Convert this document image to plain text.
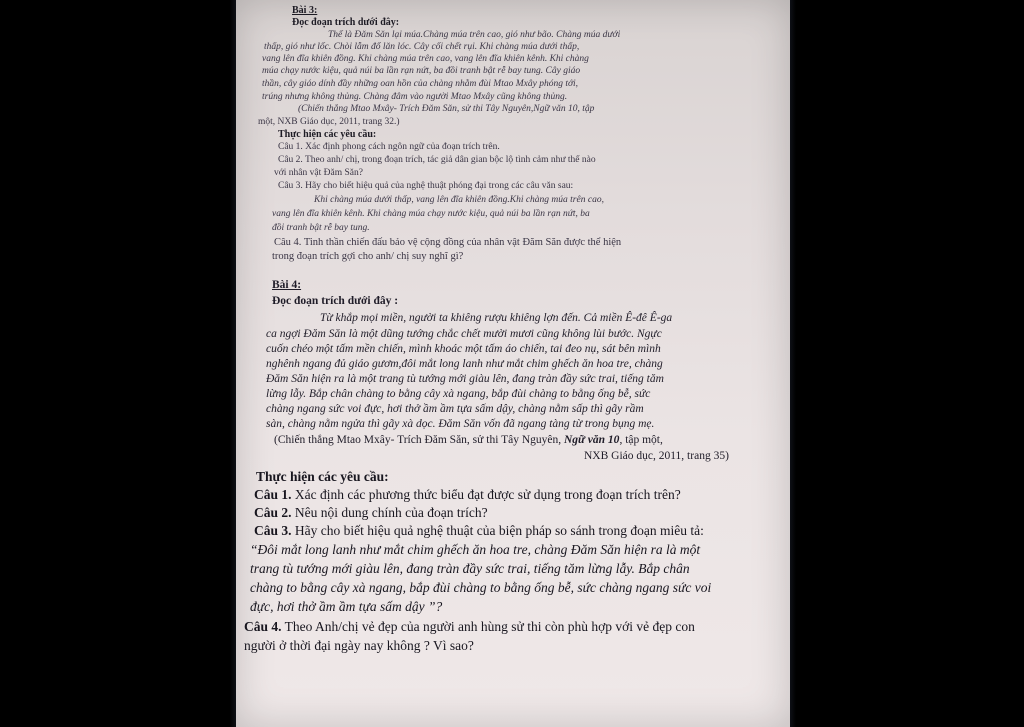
Bài 3:
Đọc đoạn trích dưới đây:
Thế là Đăm Săn lại múa.Chàng múa trên cao, gió như bão. Chàng múa dưới
thấp, gió như lốc. Chòi lẫm đổ lăn lóc. Cây cối chết rụi. Khi chàng múa dưới thấp,
vang lên đĩa khiên đồng. Khi chàng múa trên cao, vang lên đĩa khiên kênh. Khi chàng
múa chạy nước kiệu, quả núi ba lần rạn nứt, ba đồi tranh bật rễ bay tung. Cây giáo
thần, cây giáo dính đầy những oan hồn của chàng nhằm đùi Mtao Mxây phóng tới,
trúng nhưng không thủng. Chàng đâm vào người Mtao Mxây cũng không thủng.
(Chiến thắng Mtao Mxây- Trích Đăm Săn, sử thi Tây Nguyên,Ngữ văn 10, tập
một, NXB Giáo dục, 2011, trang 32.)
Thực hiện các yêu cầu:
Câu 1. Xác định phong cách ngôn ngữ của đoạn trích trên.
Câu 2. Theo anh/ chị, trong đoạn trích, tác giả dân gian bộc lộ tình cảm như thế nào
với nhân vật Đăm Săn?
Câu 3. Hãy cho biết hiệu quả của nghệ thuật phóng đại trong các câu văn sau:
Khi chàng múa dưới thấp, vang lên đĩa khiên đồng.Khi chàng múa trên cao,
vang lên đĩa khiên kênh. Khi chàng múa chạy nước kiệu, quả núi ba lần rạn nứt, ba
đồi tranh bật rễ bay tung.
Câu 4. Tinh thần chiến đấu bảo vệ cộng đồng của nhân vật Đăm Săn được thể hiện
trong đoạn trích gợi cho anh/ chị suy nghĩ gì?
Bài 4:
Đọc đoạn trích dưới đây :
Từ khắp mọi miền, người ta khiêng rượu khiêng lợn đến. Cả miền Ê-đê Ê-ga
ca ngợi Đăm Săn là một dũng tướng chắc chết mười mươi cũng không lùi bước. Ngực
cuốn chéo một tấm mền chiến, mình khoác một tấm áo chiến, tai đeo nụ, sát bên mình
nghênh ngang đủ giáo gươm,đôi mắt long lanh như mắt chim ghếch ăn hoa tre, chàng
Đăm Săn hiện ra là một trang tù tướng mới giàu lên, đang tràn đầy sức trai, tiếng tăm
lừng lẫy. Bắp chân chàng to bằng cây xà ngang, bắp đùi chàng to bằng ống bễ, sức
chàng ngang sức voi đực, hơi thở ầm ầm tựa sấm dậy, chàng nằm sấp thì gãy rầm
sàn, chàng nằm ngửa thì gãy xà dọc. Đăm Săn vốn đã ngang tàng từ trong bụng mẹ.
(Chiến thắng Mtao Mxây- Trích Đăm Săn, sử thi Tây Nguyên, Ngữ văn 10, tập một,
NXB Giáo dục, 2011, trang 35)
Thực hiện các yêu cầu:
Câu 1. Xác định các phương thức biểu đạt được sử dụng trong đoạn trích trên?
Câu 2. Nêu nội dung chính của đoạn trích?
Câu 3. Hãy cho biết hiệu quả nghệ thuật của biện pháp so sánh trong đoạn miêu tả:
“Đôi mắt long lanh như mắt chim ghếch ăn hoa tre, chàng Đăm Săn hiện ra là một
trang tù tướng mới giàu lên, đang tràn đầy sức trai, tiếng tăm lừng lẫy. Bắp chân
chàng to bằng cây xà ngang, bắp đùi chàng to bằng ống bễ, sức chàng ngang sức voi
đực, hơi thở ầm ầm tựa sấm dậy ”?
Câu 4. Theo Anh/chị vẻ đẹp của người anh hùng sử thi còn phù hợp với vẻ đẹp con
người ở thời đại ngày nay không ? Vì sao?
